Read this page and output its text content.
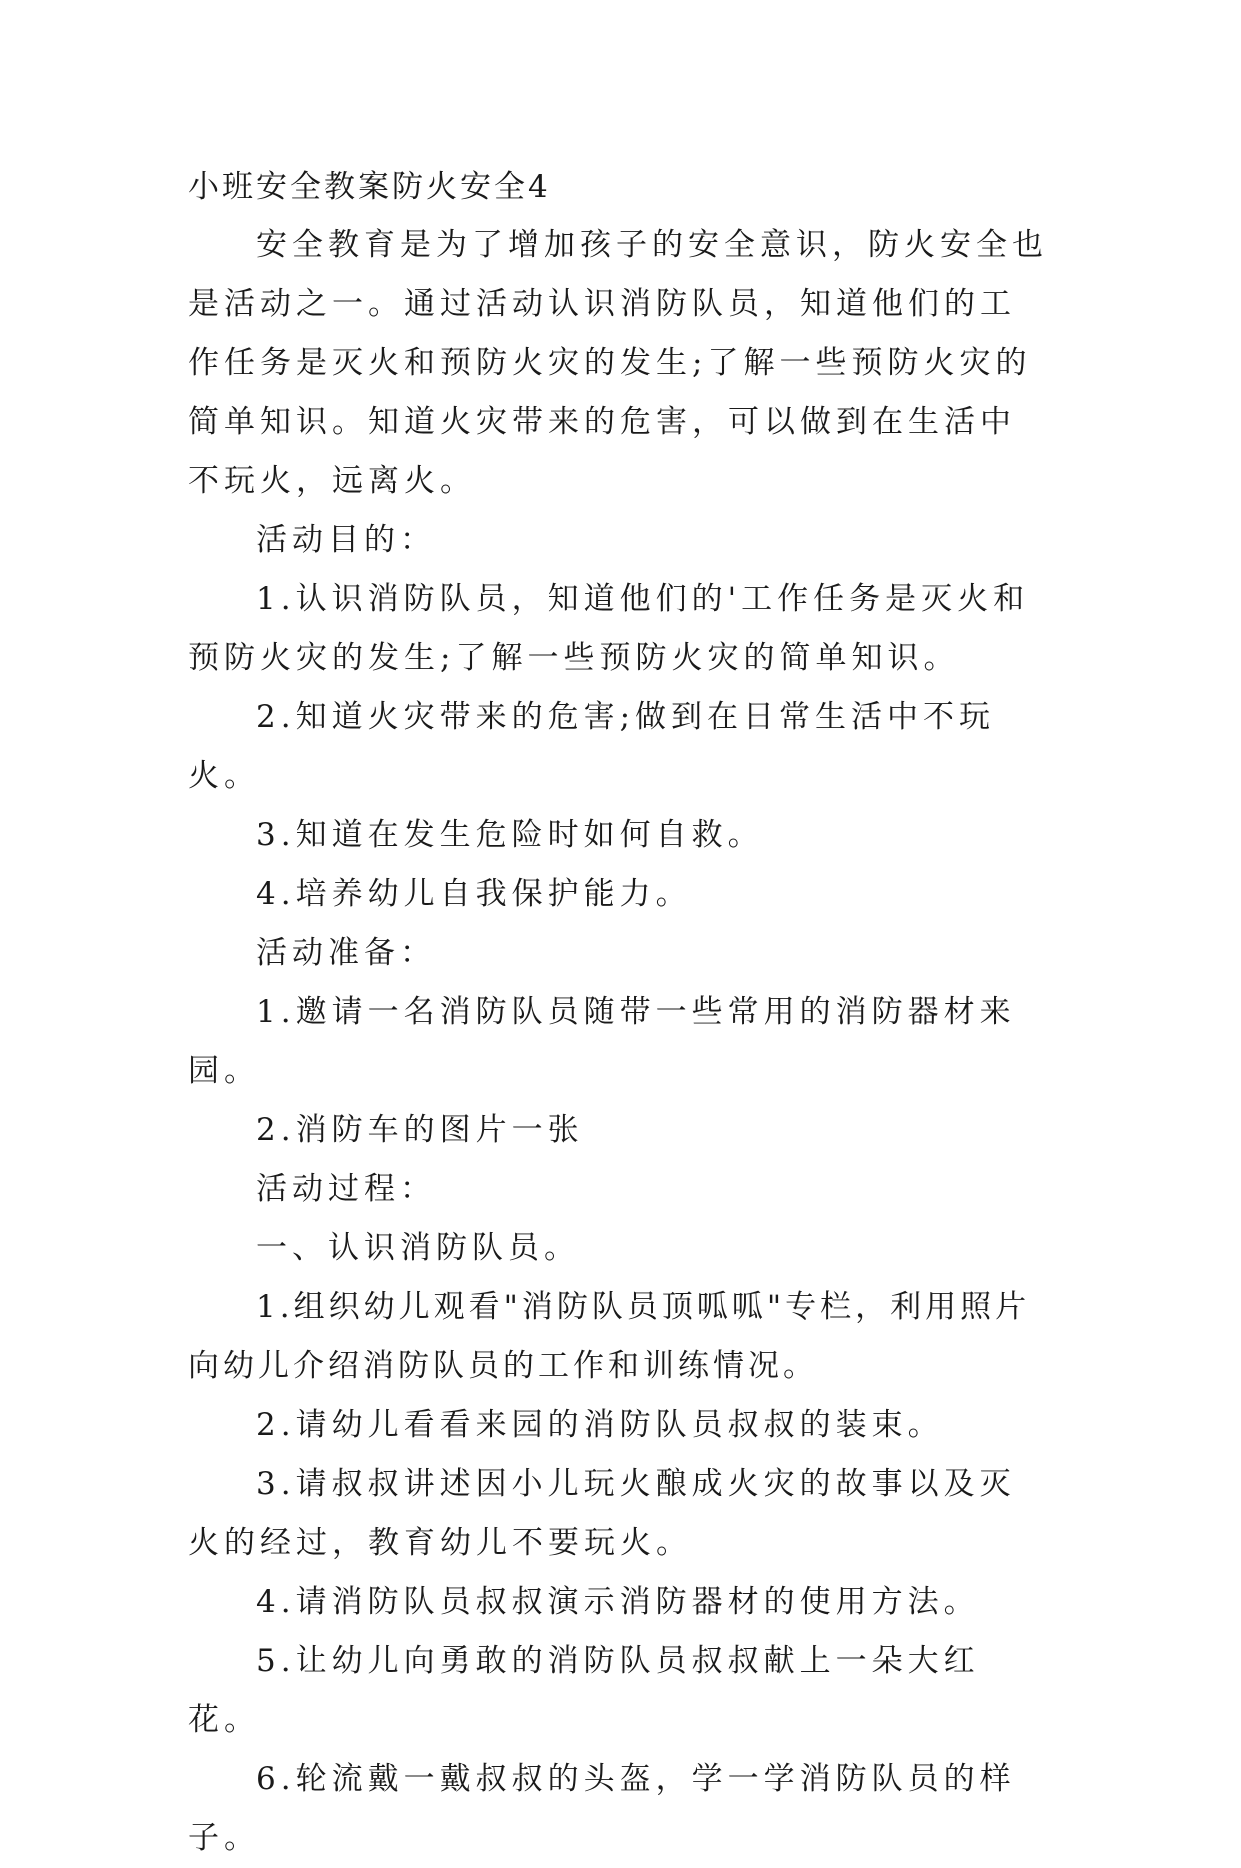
小班安全教案防火安全4

安全教育是为了增加孩子的安全意识，防火安全也是活动之一。通过活动认识消防队员，知道他们的工作任务是灭火和预防火灾的发生;了解一些预防火灾的简单知识。知道火灾带来的危害，可以做到在生活中不玩火，远离火。

活动目的：

1.认识消防队员，知道他们的'工作任务是灭火和预防火灾的发生;了解一些预防火灾的简单知识。

2.知道火灾带来的危害;做到在日常生活中不玩火。

3.知道在发生危险时如何自救。

4.培养幼儿自我保护能力。

活动准备：

1.邀请一名消防队员随带一些常用的消防器材来园。

2.消防车的图片一张

活动过程：

一、认识消防队员。

1.组织幼儿观看"消防队员顶呱呱"专栏，利用照片向幼儿介绍消防队员的工作和训练情况。

2.请幼儿看看来园的消防队员叔叔的装束。

3.请叔叔讲述因小儿玩火酿成火灾的故事以及灭火的经过，教育幼儿不要玩火。

4.请消防队员叔叔演示消防器材的使用方法。

5.让幼儿向勇敢的消防队员叔叔献上一朵大红花。

6.轮流戴一戴叔叔的头盔，学一学消防队员的样子。
